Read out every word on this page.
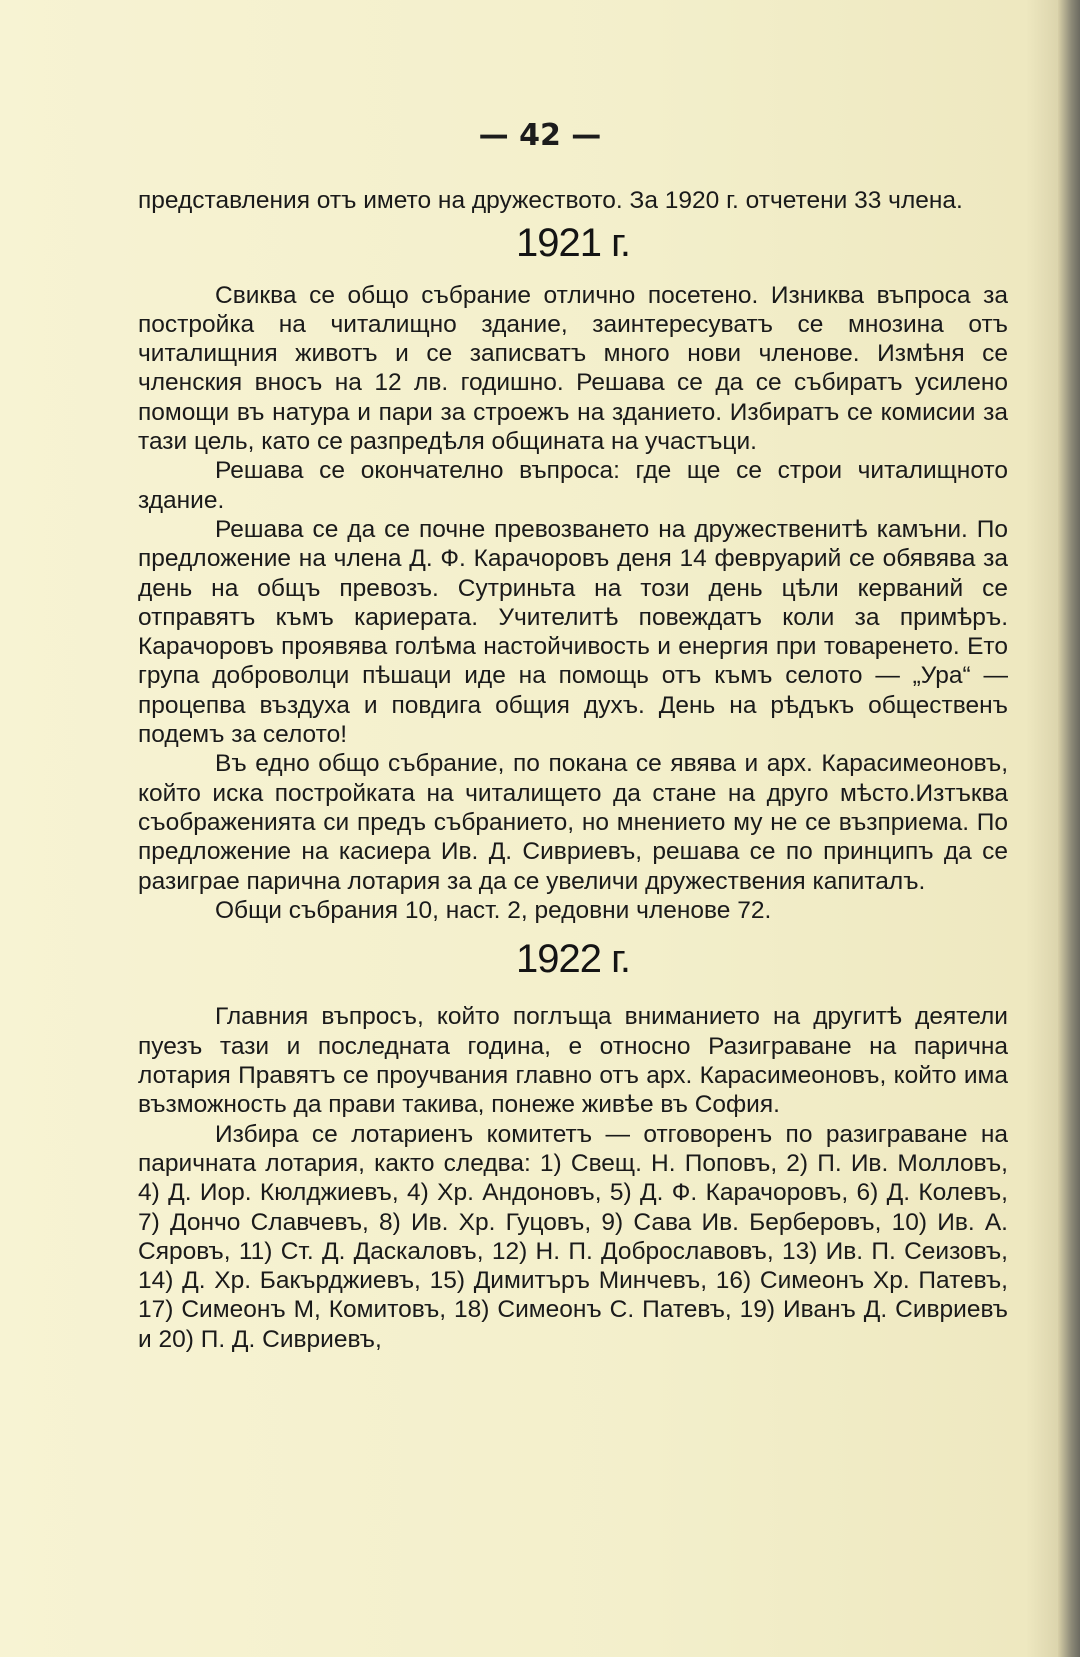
— 42 —

представления отъ името на дружеството. За 1920 г. отчетени 33 члена.

1921 г.

Свиква се общо събрание отлично посетено. Изниква въпроса за постройка на читалищно здание, заинтересуватъ се мнозина отъ читалищния животъ и се записватъ много нови членове. Измѣня се членския вносъ на 12 лв. годишно. Решава се да се събиратъ усилено помощи въ натура и пари за строежъ на зданието. Избиратъ се комисии за тази цель, като се разпредѣля общината на участъци.

Решава се окончателно въпроса: где ще се строи читалищното здание.

Решава се да се почне превозването на дружественитѣ камъни. По предложение на члена Д. Ф. Карачоровъ деня 14 февруарий се обявява за день на общъ превозъ. Сутриньта на този день цѣли керваний се отправятъ къмъ кариерата. Учителитѣ повеждатъ коли за примѣръ. Карачоровъ проявява голѣма настойчивость и енергия при товаренето. Ето група доброволци пѣшаци иде на помощь отъ къмъ селото — „Ура“ — процепва въздуха и повдига общия духъ. День на рѣдъкъ общественъ подемъ за селото!

Въ едно общо събрание, по покана се явява и арх. Карасимеоновъ, който иска постройката на читалището да стане на друго мѣсто.Изтъква съображенията си предъ събранието, но мнението му не се възприема. По предложение на касиера Ив. Д. Сивриевъ, решава се по принципъ да се разиграе парична лотария за да се увеличи дружествения капиталъ.

Общи събрания 10, наст. 2, редовни членове 72.

1922 г.

Главния въпросъ, който поглъща вниманието на другитѣ деятели пуезъ тази и последната година, е относно Разиграване на парична лотария Правятъ се проучвания главно отъ арх. Карасимеоновъ, който има възможность да прави такива, понеже живѣе въ София.

Избира се лотариенъ комитетъ — отговоренъ по разиграване на паричната лотария, както следва: 1) Свещ. Н. Поповъ, 2) П. Ив. Молловъ, 4) Д. Иор. Кюлджиевъ, 4) Хр. Андоновъ, 5) Д. Ф. Карачоровъ, 6) Д. Колевъ, 7) Дончо Славчевъ, 8) Ив. Хр. Гуцовъ, 9) Сава Ив. Берберовъ, 10) Ив. А. Сяровъ, 11) Ст. Д. Даскаловъ, 12) Н. П. Доброславовъ, 13) Ив. П. Сеизовъ, 14) Д. Хр. Бакърджиевъ, 15) Димитъръ Минчевъ, 16) Симеонъ Хр. Патевъ, 17) Симеонъ М, Комитовъ, 18) Симеонъ С. Патевъ, 19) Иванъ Д. Сивриевъ и 20) П. Д. Сивриевъ,
